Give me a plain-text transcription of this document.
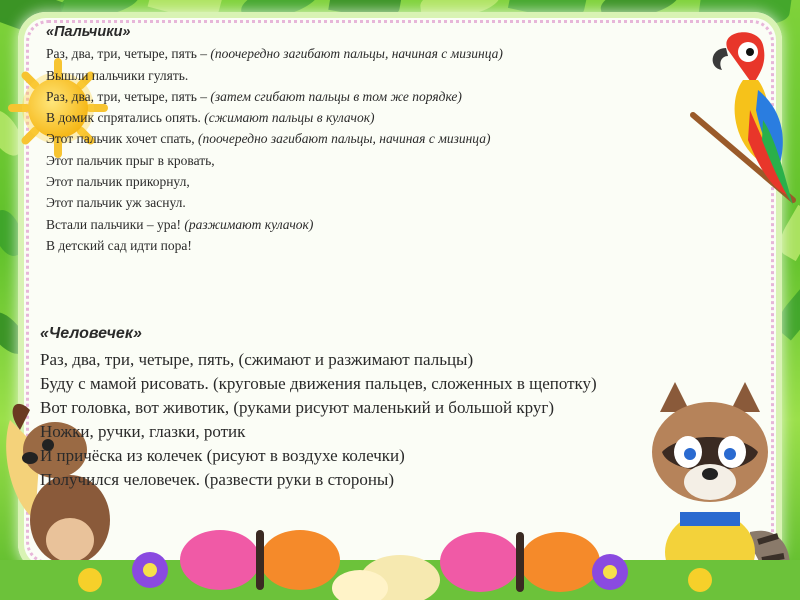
«Пальчики»
Раз, два, три, четыре, пять – (поочередно загибают пальцы, начиная с мизинца)
Вышли пальчики гулять.
Раз, два, три, четыре, пять – (затем сгибают пальцы в том же порядке)
В домик спрятались опять. (сжимают пальцы в кулачок)
Этот пальчик хочет спать, (поочередно загибают пальцы, начиная с мизинца)
Этот пальчик прыг в кровать,
Этот пальчик прикорнул,
Этот пальчик уж заснул.
Встали пальчики – ура! (разжимают кулачок)
В детский сад идти пора!
«Человечек»
Раз, два, три, четыре, пять, (сжимают и разжимают пальцы)
Буду с мамой рисовать. (круговые движения пальцев, сложенных в щепотку)
Вот головка, вот животик, (руками рисуют маленький и большой круг)
Ножки, ручки, глазки, ротик
И причёска из колечек (рисуют в воздухе колечки)
Получился человечек. (развести руки в стороны)
